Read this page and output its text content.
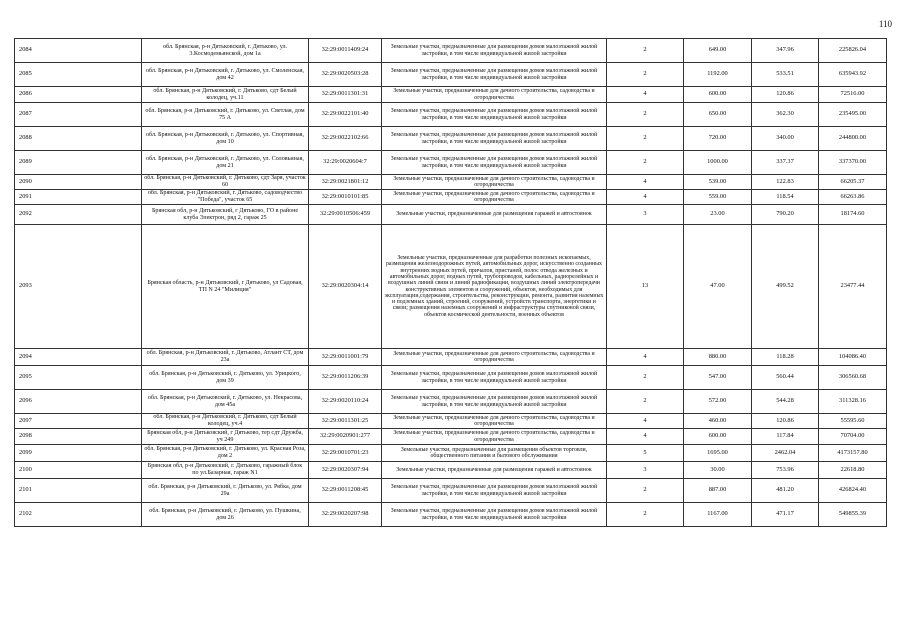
110
2084	обл. Брянская, р-н Дятьковский, г. Дятьково, ул. 3.Космодемьянской, дом 1а	32:29:0011409:24	Земельные участки, предназначенные для размещения домов малоэтажной жилой застройки, в том числе индивидуальной жилой застройки	2	649.00	347.96	225826.04
2085	обл. Брянская, р-н Дятьковский, г. Дятьково, ул. Смоленская, дом 42	32:29:0020503:28	Земельные участки, предназначенные для размещения домов малоэтажной жилой застройки, в том числе индивидуальной жилой застройки	2	1192.00	533.51	635943.92
2086	обл. Брянская, р-н Дятьковский, г. Дятьково, сдт Белый колодец, уч.11	32:29:0011301:31	Земельные участки, предназначенные для дачного строительства, садоводства и огородничества	4	600.00	120.86	72516.00
2087	обл. Брянская, р-н Дятьковский, г. Дятьково, ул. Светлая, дом 75 А	32:29:0022101:40	Земельные участки, предназначенные для размещения домов малоэтажной жилой застройки, в том числе индивидуальной жилой застройки	2	650.00	362.30	235495.00
2088	обл. Брянская, р-н Дятьковский, г. Дятьково, ул. Спортивная, дом 10	32:29:0022102:66	Земельные участки, предназначенные для размещения домов малоэтажной жилой застройки, в том числе индивидуальной жилой застройки	2	720.00	340.00	244800.00
2089	обл. Брянская, р-н Дятьковский, г. Дятьково, ул. Соловьиная, дом 21	32:29:0020604:7	Земельные участки, предназначенные для размещения домов малоэтажной жилой застройки, в том числе индивидуальной жилой застройки	2	1000.00	337.37	337370.00
2090	обл. Брянская, р-н Дятьковский, г. Дятьково, сдт Заря, участок 60	32:29:0021801:12	Земельные участки, предназначенные для дачного строительства, садоводства и огородничества	4	539.00	122.83	66205.37
2091	обл. Брянская, р-н Дятьковский, г. Дятьково, садоводчество "Победа", участок 65	32:29:0010101:85	Земельные участки, предназначенные для дачного строительства, садоводства и огородничества	4	559.00	118.54	66263.86
2092	Брянская обл, р-н Дятьковский, г Дятьково, ГО в районе клуба Электрон, ряд 2, гараж 25	32:29:0010506:459	Земельные участки, предназначенные для размещения гаражей и автостоянок	3	23.00	790.20	18174.60
2093	Брянская область, р-н Дятьковский, г Дятьково, ул Садовая, ТП N 24 "Милиция"	32:29:0020304:14	Земельные участки, предназначенные для разработки полезных ископаемых, размещения железнодорожных путей, автомобильных дорог, искусственно созданных внутренних водных путей, причалов, пристаней, полос отвода железных и автомобильных дорог, водных путей, трубопроводов, кабельных, радиорелейных и воздушных линий связи и линий радиофикации, воздушных линий электропередачи конструктивных элементов и сооружений, объектов, необходимых для эксплуатации,содержания, строительства, реконструкции, ремонта, развития наземных и подземных зданий, строений, сооружений, устройств транспорта, энергетики и связи; размещения наземных сооружений и инфраструктуры спутниковой связи, объектов космической деятельности, военных объектов	13	47.00	499.52	23477.44
2094	обл. Брянская, р-н Дятьковский, г. Дятьково, Атлант СТ, дом 23а	32:29:0011001:79	Земельные участки, предназначенные для дачного строительства, садоводства и огородничества	4	880.00	118.28	104086.40
2095	обл. Брянская, р-н Дятьковский, г. Дятьково, ул. Урицкого, дом 39	32:29:0011206:39	Земельные участки, предназначенные для размещения домов малоэтажной жилой застройки, в том числе индивидуальной жилой застройки	2	547.00	560.44	306560.68
2096	обл. Брянская, р-н Дятьковский, г. Дятьково, ул. Некрасова, дом 45а	32:29:0020110:24	Земельные участки, предназначенные для размещения домов малоэтажной жилой застройки, в том числе индивидуальной жилой застройки	2	572.00	544.28	311328.16
2097	обл. Брянская, р-н Дятьковский, г. Дятьково, сдт Белый колодец, уч.4	32:29:0011301:25	Земельные участки, предназначенные для дачного строительства, садоводства и огородничества	4	460.00	120.86	55595.60
2098	Брянская обл, р-н Дятьковский, г Дятьково, тер сдт Дружба, уч 249	32:29:0020901:277	Земельные участки, предназначенные для дачного строительства, садоводства и огородничества	4	600.00	117.84	70704.00
2099	обл. Брянская, р-н Дятьковский, г. Дятьково, ул. Красная Роза, дом 2	32:29:0010701:23	Земельные участки, предназначенные для размещения объектов торговли, общественного питания и бытового обслуживания	5	1695.00	2462.04	4173157.80
2100	Брянская обл, р-н Дятьковский, г. Дятьково, гаражный блок по ул.Базарная, гараж N1	32:29:0020307:94	Земельные участки, предназначенные для размещения гаражей и автостоянок	3	30.00	753.96	22618.80
2101	обл. Брянская, р-н Дятьковский, г. Дятьково, ул. Рябка, дом 29а	32:29:0011208:45	Земельные участки, предназначенные для размещения домов малоэтажной жилой застройки, в том числе индивидуальной жилой застройки	2	887.00	481.20	426824.40
2102	обл. Брянская, р-н Дятьковский, г. Дятьково, ул. Пушкина, дом 26	32:29:0020207:98	Земельные участки, предназначенные для размещения домов малоэтажной жилой застройки, в том числе индивидуальной жилой застройки	2	1167.00	471.17	549855.39
